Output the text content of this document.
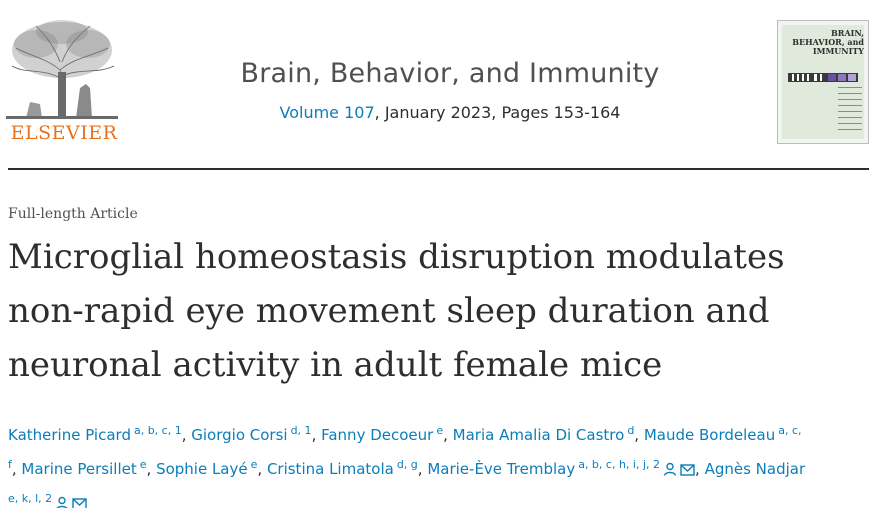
ELSEVIER
Brain, Behavior, and Immunity
Volume 107, January 2023, Pages 153-164
BRAIN, BEHAVIOR, and IMMUNITY
Full-length Article
Microglial homeostasis disruption modulates
non-rapid eye movement sleep duration and
neuronal activity in adult female mice
Katherine Picard $^{a, b, c, 1}$, Giorgio Corsi $^{d, 1}$, Fanny Decoeur $^e$, Maria Amalia Di Castro $^d$, Maude Bordeleau $^{a, c,}$
$^f$, Marine Persillet $^e$, Sophie Layé $^e$, Cristina Limatola $^{d, g}$, Marie-Ève Tremblay $^{a, b, c, h, i, j, 2}$ , Agnès Nadjar
$^{e, k, l, 2}$
